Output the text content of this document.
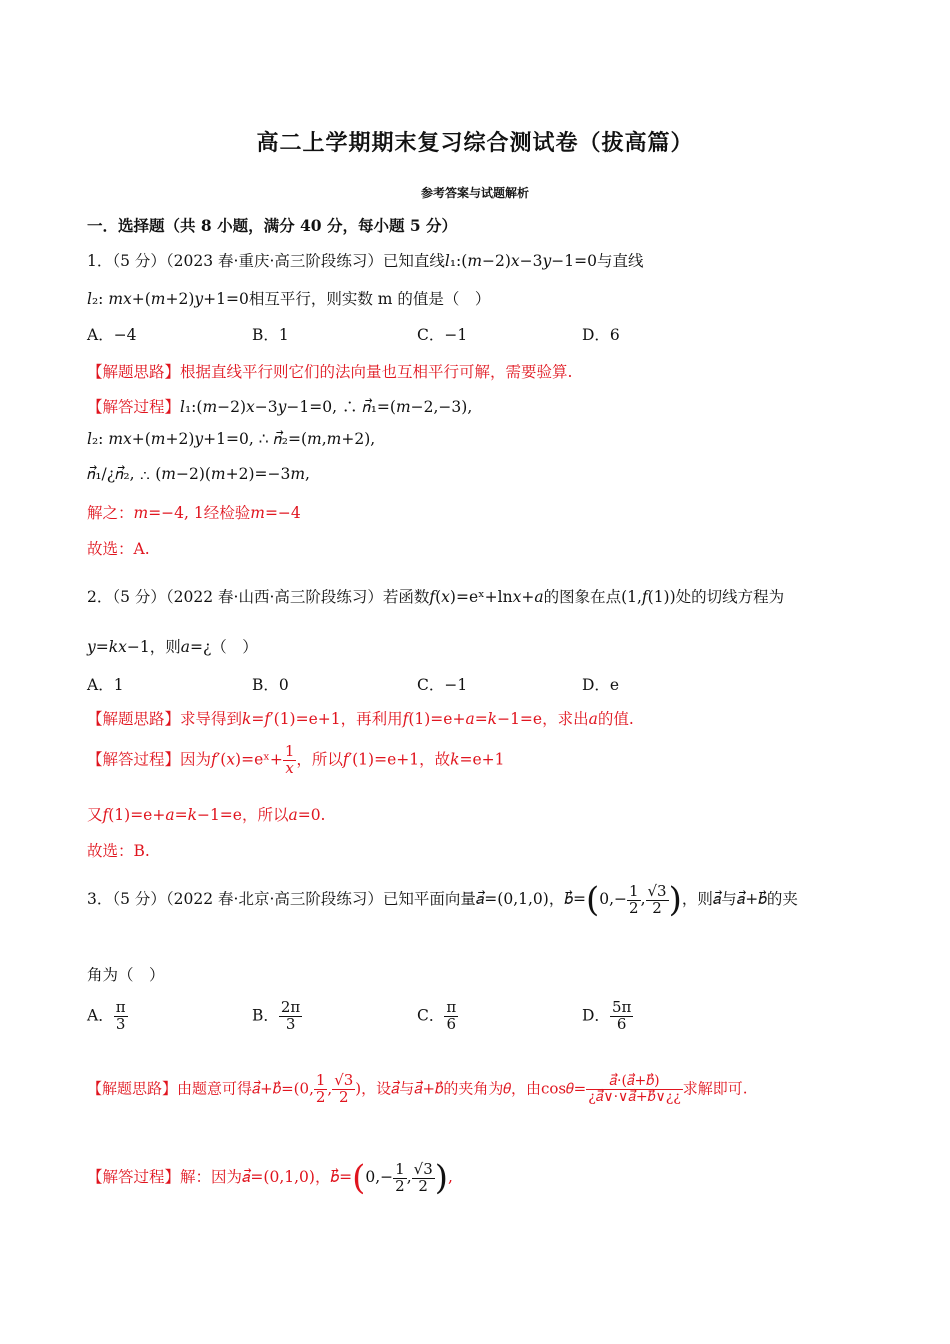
高二上学期期末复习综合测试卷（拔高篇）
参考答案与试题解析
一．选择题（共 8 小题，满分 40 分，每小题 5 分）
1．（5 分）（2023 春·重庆·高三阶段练习）已知直线𝑙₁:(𝑚−2)𝑥−3𝑦−1=0与直线
𝑙₂: 𝑚𝑥+(𝑚+2)𝑦+1=0相互平行，则实数 m 的值是（　）
A．−4	B．1	C．−1	D．6
【解题思路】根据直线平行则它们的法向量也互相平行可解，需要验算.
【解答过程】𝑙₁:(𝑚−2)𝑥−3𝑦−1=0, ∴ 𝑛⃗₁=(𝑚−2,−3),
𝑙₂: 𝑚𝑥+(𝑚+2)𝑦+1=0, ∴ 𝑛⃗₂=(𝑚,𝑚+2),
𝑛⃗₁/¿𝑛⃗₂, ∴ (𝑚−2)(𝑚+2)=−3𝑚,
解之：𝑚=−4, 1经检验𝑚=−4
故选：A.
2．（5 分）（2022 春·山西·高三阶段练习）若函数𝑓(𝑥)=eˣ+ln𝑥+𝑎的图象在点(1,𝑓(1))处的切线方程为
𝑦=𝑘𝑥−1，则𝑎=¿（　）
A．1	B．0	C．−1	D．e
【解题思路】求导得到𝑘=𝑓′(1)=e+1，再利用𝑓(1)=e+𝑎=𝑘−1=e，求出𝑎的值.
【解答过程】因为𝑓′(𝑥)=eˣ+ $\frac{1}{\text{𝑥}}$ ，所以𝑓′(1)=e+1，故𝑘=e+1
又𝑓(1)=e+𝑎=𝑘−1=e，所以𝑎=0.
故选：B.
3．（5 分）（2022 春·北京·高三阶段练习）已知平面向量𝑎⃗=(0,1,0)，𝑏⃗=(0,− $\frac{1}{2}$ , $\frac{√3}{2}$ )，则𝑎⃗与𝑎⃗+𝑏⃗的夹
角为（　）
A． $\frac{\pi}{3}$	B． $\frac{2\pi}{3}$	C． $\frac{\pi}{6}$	D． $\frac{5\pi}{6}$
【解题思路】由题意可得𝑎⃗+𝑏⃗=(0, $\frac{1}{2}$ , $\frac{√3}{2}$ )，设𝑎⃗与𝑎⃗+𝑏⃗的夹角为𝜃，由cos𝜃= $\frac{\text{𝑎⃗·(𝑎⃗+𝑏⃗)}}{\text{¿𝑎⃗∨·∨𝑎⃗+𝑏⃗∨¿¿}}$ 求解即可.
【解答过程】解：因为𝑎⃗=(0,1,0)，𝑏⃗=(0,− $\frac{1}{2}$ , $\frac{√3}{2}$ ),
